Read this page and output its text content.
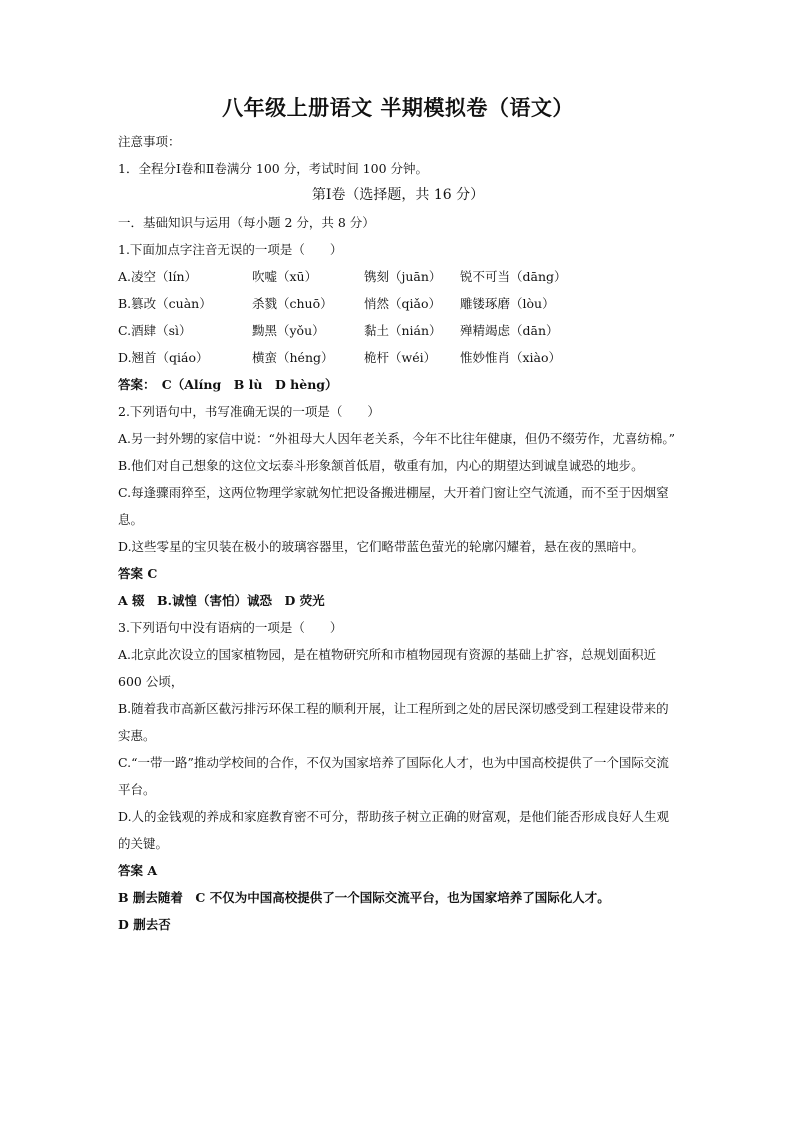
八年级上册语文 半期模拟卷（语文）
注意事项：
1．全程分Ⅰ卷和Ⅱ卷满分 100 分，考试时间 100 分钟。
第Ⅰ卷（选择题，共 16 分）
一．基础知识与运用（每小题 2 分，共 8 分）
1.下面加点字注音无误的一项是（　　）
A.凌空（lín）	吹嘘（xū）	镌刻（juān）	锐不可当（dāng）
B.篡改（cuàn）	杀戮（chuō）	悄然（qiǎo）	雕镂琢磨（lòu）
C.酒肆（sì）	黝黑（yǒu）	黏土（nián）	殚精竭虑（dān）
D.翘首（qiáo）	横蛮（héng）	桅杆（wéi）	惟妙惟肖（xiào）
答案：　C（Alíng　B lù　D hèng）
2.下列语句中，书写准确无误的一项是（　　）
A.另一封外甥的家信中说：“外祖母大人因年老关系，今年不比往年健康，但仍不缀劳作，尤喜纺棉。”
B.他们对自己想象的这位文坛泰斗形象颔首低眉，敬重有加，内心的期望达到诚皇诚恐的地步。
C.每逢骤雨猝至，这两位物理学家就匆忙把设备搬进棚屋，大开着门窗让空气流通，而不至于因烟窒息。
D.这些零星的宝贝装在极小的玻璃容器里，它们略带蓝色萤光的轮廓闪耀着，悬在夜的黑暗中。
答案 C
A 辍　B.诚惶（害怕）诚恐　D 荧光
3.下列语句中没有语病的一项是（　　）
A.北京此次设立的国家植物园，是在植物研究所和市植物园现有资源的基础上扩容，总规划面积近 600 公顷，
B.随着我市高新区截污排污环保工程的顺利开展，让工程所到之处的居民深切感受到工程建设带来的实惠。
C.“一带一路”推动学校间的合作，不仅为国家培养了国际化人才，也为中国高校提供了一个国际交流平台。
D.人的金钱观的养成和家庭教育密不可分，帮助孩子树立正确的财富观，是他们能否形成良好人生观的关键。
答案 A
B 删去随着　C 不仅为中国高校提供了一个国际交流平台，也为国家培养了国际化人才。
D 删去否
